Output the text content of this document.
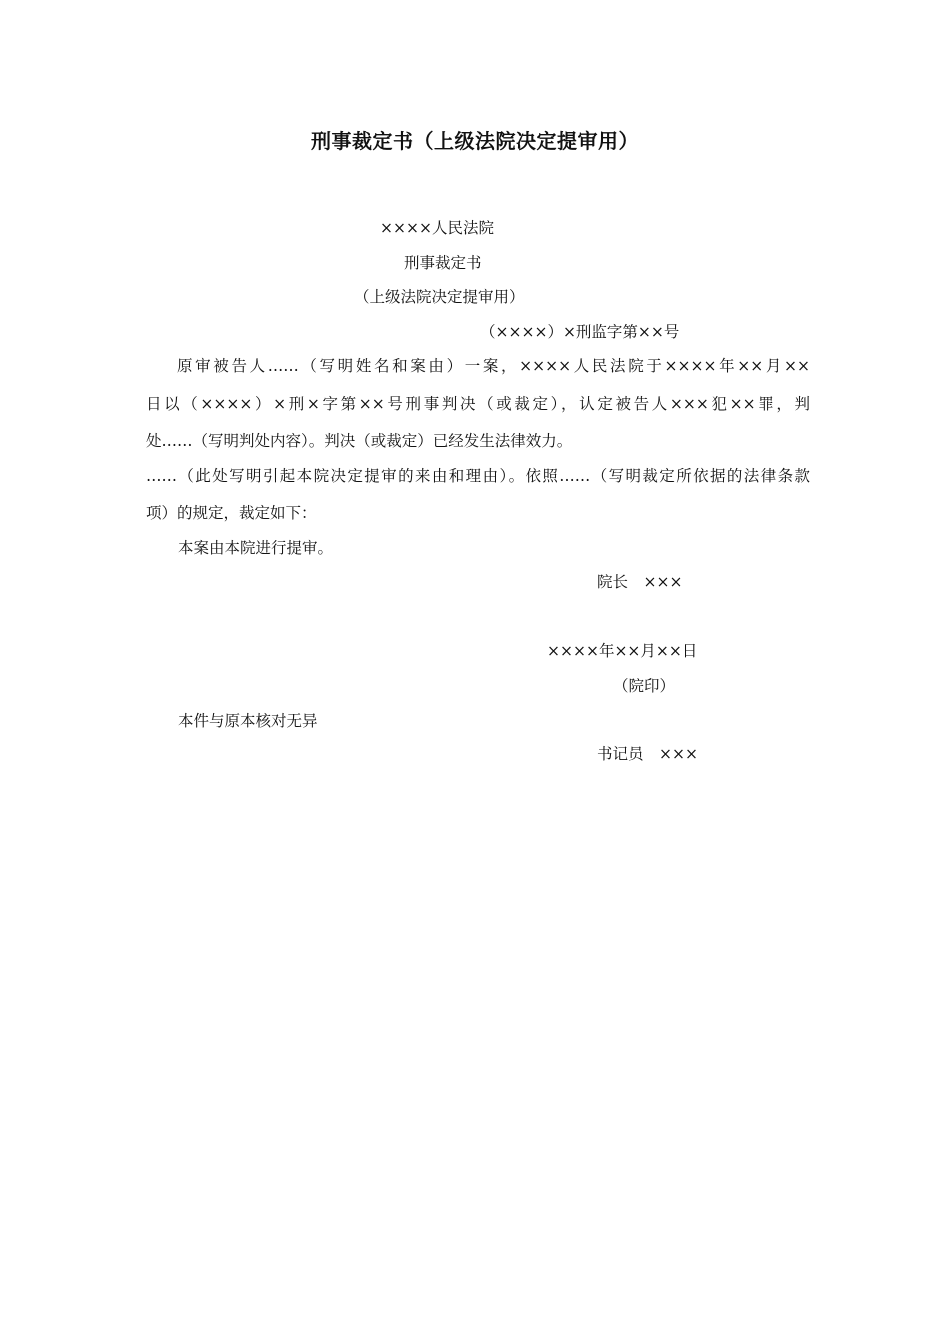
刑事裁定书（上级法院决定提审用）
××××人民法院
刑事裁定书
（上级法院决定提审用）
（××××）×刑监字第××号
原审被告人……（写明姓名和案由）一案，××××人民法院于××××年××月××
日以（××××）×刑×字第××号刑事判决（或裁定），认定被告人×××犯××罪，判
处……（写明判处内容）。判决（或裁定）已经发生法律效力。
……（此处写明引起本院决定提审的来由和理由）。依照……（写明裁定所依据的法律条款
项）的规定，裁定如下：
本案由本院进行提审。
院长　×××
××××年××月××日
（院印）
本件与原本核对无异
书记员　×××
